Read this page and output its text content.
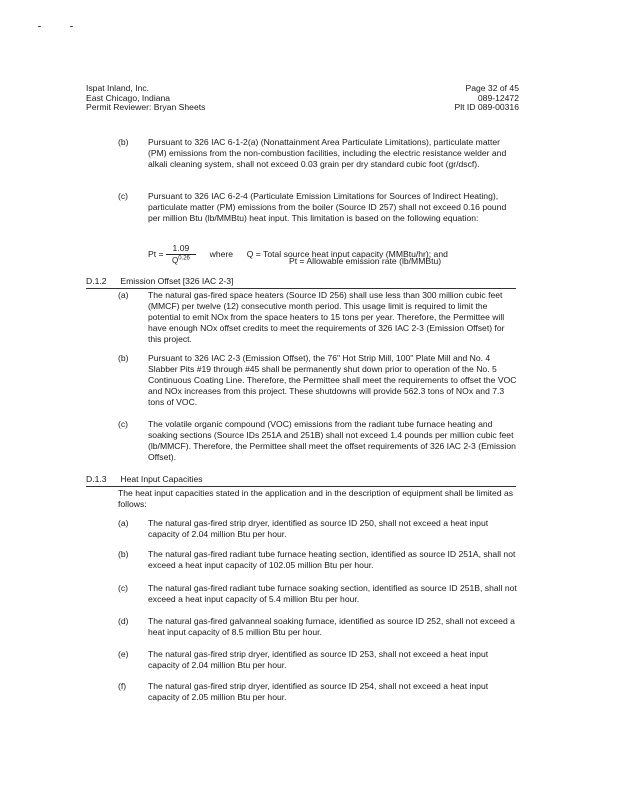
Ispat Inland, Inc.
East Chicago, Indiana
Permit Reviewer: Bryan Sheets
Page 32 of 45
089-12472
Plt ID 089-00316
(b)	Pursuant to 326 IAC 6-1-2(a) (Nonattainment Area Particulate Limitations), particulate matter (PM) emissions from the non-combustion facilities, including the electric resistance welder and alkali cleaning system, shall not exceed 0.03 grain per dry standard cubic foot (gr/dscf).
(c)	Pursuant to 326 IAC 6-2-4 (Particulate Emission Limitations for Sources of Indirect Heating), particulate matter (PM) emissions from the boiler (Source ID 257) shall not exceed 0.16 pound per million Btu (lb/MMBtu) heat input. This limitation is based on the following equation:
$Pt = \frac{1.09}{Q^{0.26}}$ where Q = Total source heat input capacity (MMBtu/hr); and
Pt = Allowable emission rate (lb/MMBtu)
D.1.2 Emission Offset [326 IAC 2-3]
(a)	The natural gas-fired space heaters (Source ID 256) shall use less than 300 million cubic feet (MMCF) per twelve (12) consecutive month period. This usage limit is required to limit the potential to emit NOx from the space heaters to 15 tons per year. Therefore, the Permittee will have enough NOx offset credits to meet the requirements of 326 IAC 2-3 (Emission Offset) for this project.
(b)	Pursuant to 326 IAC 2-3 (Emission Offset), the 76" Hot Strip Mill, 100" Plate Mill and No. 4 Slabber Pits #19 through #45 shall be permanently shut down prior to operation of the No. 5 Continuous Coating Line. Therefore, the Permittee shall meet the requirements to offset the VOC and NOx increases from this project. These shutdowns will provide 562.3 tons of NOx and 7.3 tons of VOC.
(c)	The volatile organic compound (VOC) emissions from the radiant tube furnace heating and soaking sections (Source IDs 251A and 251B) shall not exceed 1.4 pounds per million cubic feet (lb/MMCF). Therefore, the Permittee shall meet the offset requirements of 326 IAC 2-3 (Emission Offset).
D.1.3 Heat Input Capacities
The heat input capacities stated in the application and in the description of equipment shall be limited as follows:
(a)	The natural gas-fired strip dryer, identified as source ID 250, shall not exceed a heat input capacity of 2.04 million Btu per hour.
(b)	The natural gas-fired radiant tube furnace heating section, identified as source ID 251A, shall not exceed a heat input capacity of 102.05 million Btu per hour.
(c)	The natural gas-fired radiant tube furnace soaking section, identified as source ID 251B, shall not exceed a heat input capacity of 5.4 million Btu per hour.
(d)	The natural gas-fired galvanneal soaking furnace, identified as source ID 252, shall not exceed a heat input capacity of 8.5 million Btu per hour.
(e)	The natural gas-fired strip dryer, identified as source ID 253, shall not exceed a heat input capacity of 2.04 million Btu per hour.
(f)	The natural gas-fired strip dryer, identified as source ID 254, shall not exceed a heat input capacity of 2.05 million Btu per hour.
